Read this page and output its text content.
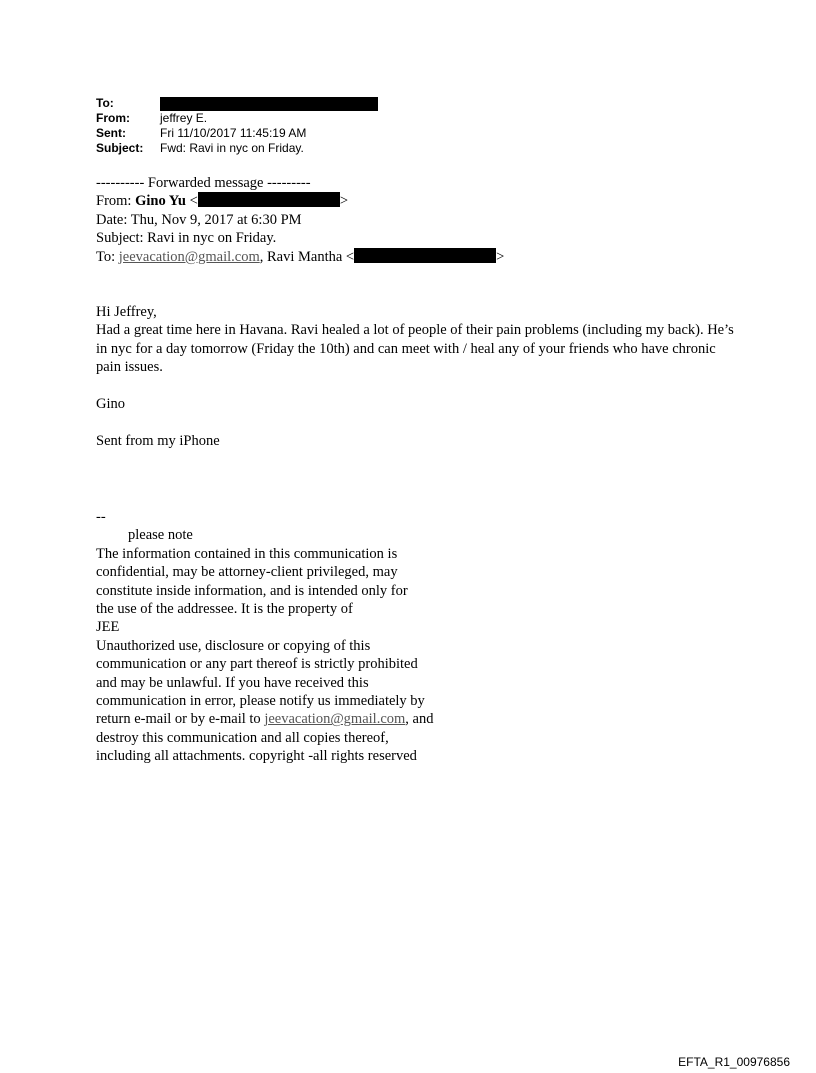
To:
From:	jeffrey E.
Sent:	Fri 11/10/2017 11:45:19 AM
Subject:	Fwd: Ravi in nyc on Friday.
---------- Forwarded message ---------
From: Gino Yu <	>
Date: Thu, Nov 9, 2017 at 6:30 PM
Subject: Ravi in nyc on Friday.
To: jeevacation@gmail.com, Ravi Mantha <	>

Hi Jeffrey,

Had a great time here in Havana. Ravi healed a lot of people of their pain problems (including my back). He’s in nyc for a day tomorrow (Friday the 10th) and can meet with / heal any of your friends who have chronic pain issues.

Gino

Sent from my iPhone

--

please note

The information contained in this communication is

confidential, may be attorney-client privileged, may

constitute inside information, and is intended only for

the use of the addressee. It is the property of

JEE

Unauthorized use, disclosure or copying of this

communication or any part thereof is strictly prohibited

and may be unlawful. If you have received this

communication in error, please notify us immediately by

return e-mail or by e-mail to jeevacation@gmail.com, and

destroy this communication and all copies thereof,

including all attachments. copyright -all rights reserved

EFTA_R1_00976856
